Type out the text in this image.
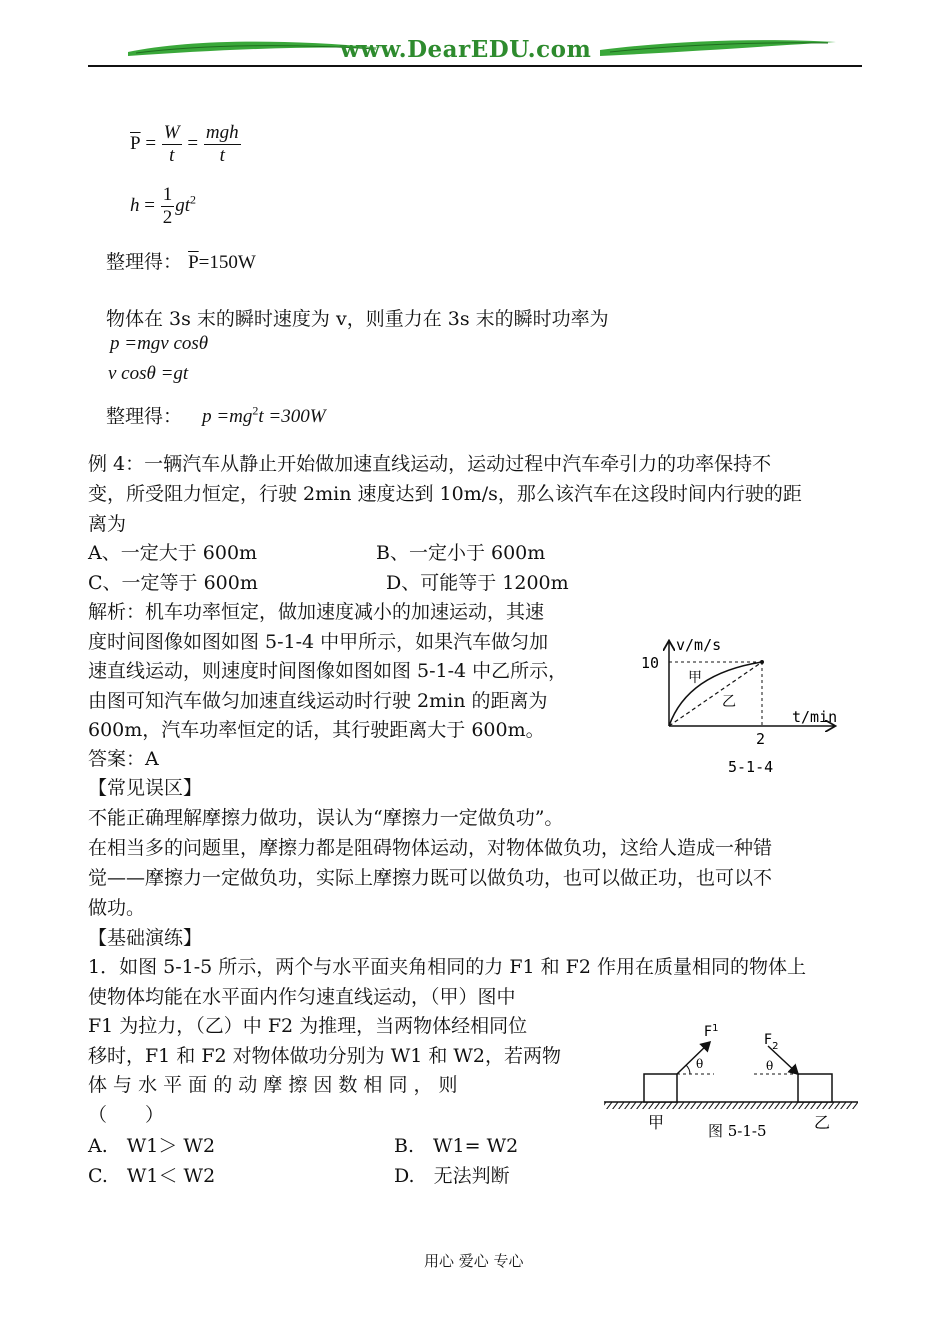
www.DearEDU.com
$\overline{P} = \frac{W}{t} = \frac{\text{mgh}}{t}$
$h = \frac{1}{2} gt^2$
整理得： $\overline{P}=150W$
物体在 3s 末的瞬时速度为 v，则重力在 3s 末的瞬时功率为
p =mgv cosθ
v cosθ =gt
整理得： $p =mg^2t =300W$
例 4：一辆汽车从静止开始做加速直线运动，运动过程中汽车牵引力的功率保持不
变，所受阻力恒定，行驶 2min 速度达到 10m/s，那么该汽车在这段时间内行驶的距
离为
A、一定大于 600m	B、一定小于 600m
C、一定等于 600m	D、可能等于 1200m
解析：机车功率恒定，做加速度减小的加速运动，其速
度时间图像如图如图 5-1-4 中甲所示，如果汽车做匀加
速直线运动，则速度时间图像如图如图 5-1-4 中乙所示，
由图可知汽车做匀加速直线运动时行驶 2min 的距离为
600m，汽车功率恒定的话，其行驶距离大于 600m。
答案：A
v/m/s
t/min
10
2
甲
乙
5-1-4
【常见误区】
不能正确理解摩擦力做功，误认为“摩擦力一定做负功”。
在相当多的问题里，摩擦力都是阻碍物体运动，对物体做负功，这给人造成一种错
觉——摩擦力一定做负功，实际上摩擦力既可以做负功，也可以做正功，也可以不
做功。
【基础演练】
1．如图 5-1-5 所示，两个与水平面夹角相同的力 F1 和 F2 作用在质量相同的物体上
使物体均能在水平面内作匀速直线运动，（甲）图中
F1 为拉力，（乙）中 F2 为推理，当两物体经相同位
移时，F1 和 F2 对物体做功分别为 W1 和 W2，若两物
体 与 水 平 面 的 动 摩 擦 因 数 相 同 ， 则
（　　）
A.　W1＞ W2	B.　W1= W2
C.　W1＜ W2	D.　无法判断
θ
$F^1$
θ
$F_2$
甲	乙
图 5-1-5
用心 爱心 专心
